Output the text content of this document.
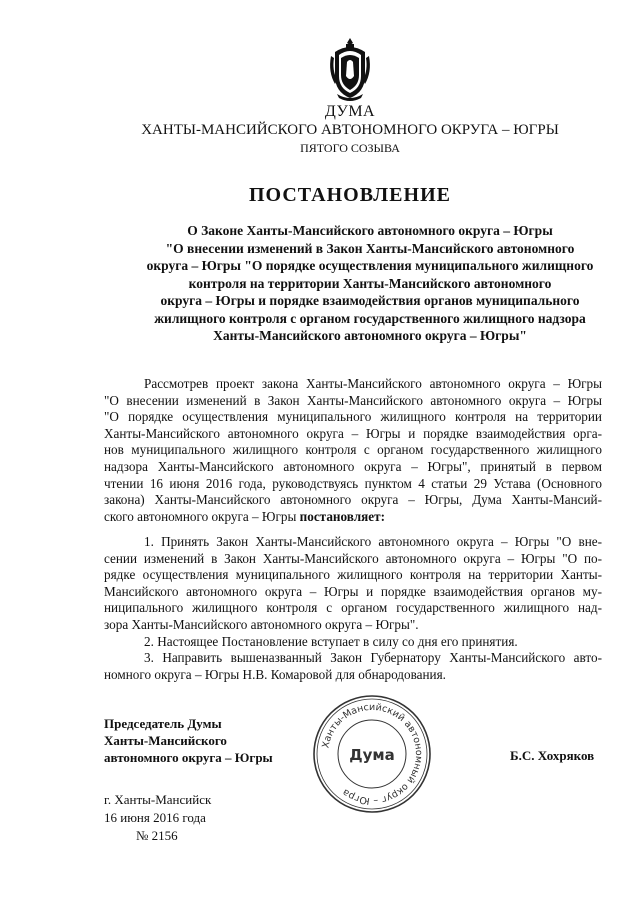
ДУМА
ХАНТЫ-МАНСИЙСКОГО АВТОНОМНОГО ОКРУГА – ЮГРЫ
ПЯТОГО СОЗЫВА
ПОСТАНОВЛЕНИЕ
О Законе Ханты-Мансийского автономного округа – Югры
"О внесении изменений в Закон Ханты-Мансийского автономного
округа – Югры "О порядке осуществления муниципального жилищного
контроля на территории Ханты-Мансийского автономного
округа – Югры и порядке взаимодействия органов муниципального
жилищного контроля с органом государственного жилищного надзора
Ханты-Мансийского автономного округа – Югры"
Рассмотрев проект закона Ханты-Мансийского автономного округа – Югры
"О внесении изменений в Закон Ханты-Мансийского автономного округа – Югры
"О порядке осуществления муниципального жилищного контроля на территории
Ханты-Мансийского автономного округа – Югры и порядке взаимодействия орга-
нов муниципального жилищного контроля с органом государственного жилищного
надзора Ханты-Мансийского автономного округа – Югры", принятый в первом
чтении 16 июня 2016 года, руководствуясь пунктом 4 статьи 29 Устава (Основного
закона) Ханты-Мансийского автономного округа – Югры, Дума Ханты-Мансий-
ского автономного округа – Югры постановляет:
1. Принять Закон Ханты-Мансийского автономного округа – Югры "О вне-
сении изменений в Закон Ханты-Мансийского автономного округа – Югры "О по-
рядке осуществления муниципального жилищного контроля на территории Ханты-
Мансийского автономного округа – Югры и порядке взаимодействия органов му-
ниципального жилищного контроля с органом государственного жилищного над-
зора Ханты-Мансийского автономного округа – Югры".
2. Настоящее Постановление вступает в силу со дня его принятия.
3. Направить вышеназванный Закон Губернатору Ханты-Мансийского авто-
номного округа – Югры Н.В. Комаровой для обнародования.
Председатель Думы
Ханты-Мансийского
автономного округа – Югры
Ханты-Мансийский автономный округ – Югра
Дума	Б.С. Хохряков
г. Ханты-Мансийск
16 июня 2016 года
№ 2156
